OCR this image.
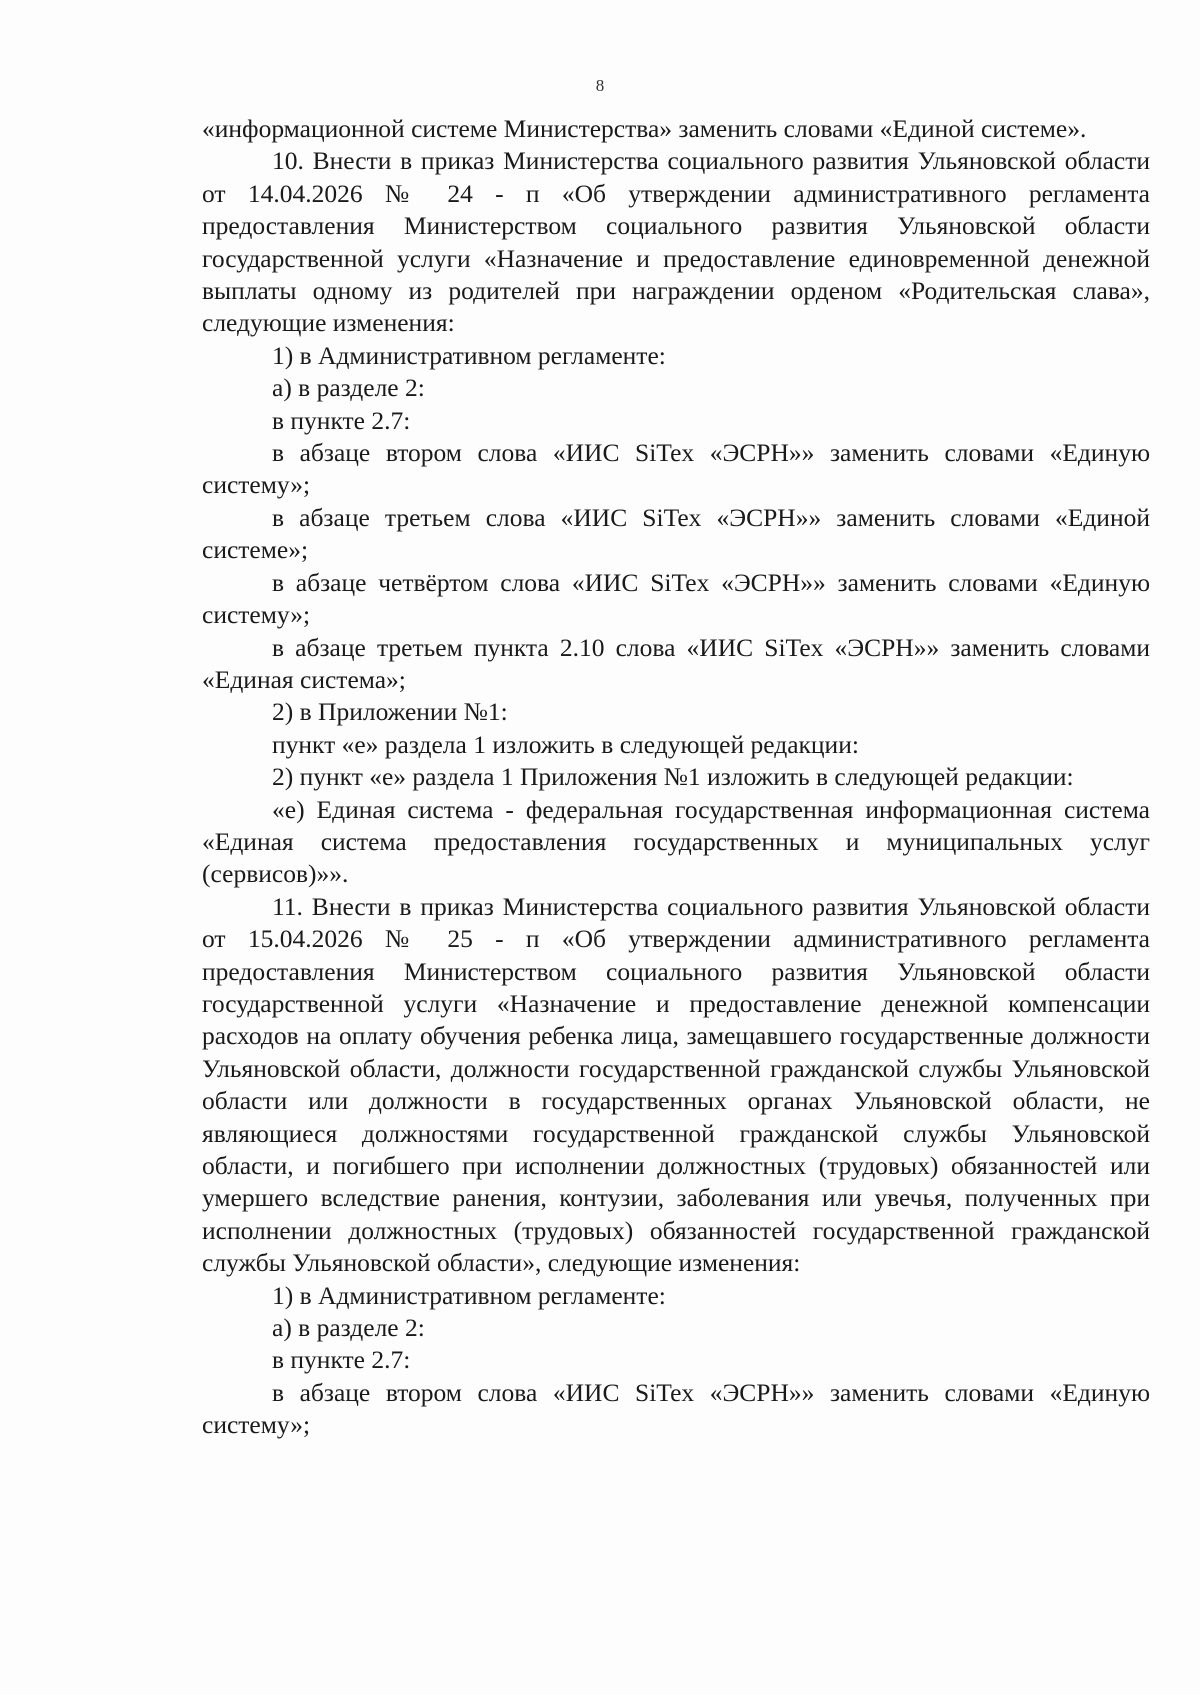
8

«информационной системе Министерства» заменить словами «Единой системе».

10. Внести в приказ Министерства социального развития Ульяновской области от 14.04.2026 № 24 - п «Об утверждении административного регламента предоставления Министерством социального развития Ульяновской области государственной услуги «Назначение и предоставление единовременной денежной выплаты одному из родителей при награждении орденом «Родительская слава», следующие изменения:

1) в Административном регламенте:

а) в разделе 2:

в пункте 2.7:

в абзаце втором слова «ИИС SiTex «ЭСРН»» заменить словами «Единую систему»;

в абзаце третьем слова «ИИС SiTex «ЭСРН»» заменить словами «Единой системе»;

в абзаце четвёртом слова «ИИС SiTex «ЭСРН»» заменить словами «Единую систему»;

в абзаце третьем пункта 2.10 слова «ИИС SiTex «ЭСРН»» заменить словами «Единая система»;

2) в Приложении №1:

пункт «е» раздела 1 изложить в следующей редакции:

2) пункт «е» раздела 1 Приложения №1 изложить в следующей редакции:

«е) Единая система - федеральная государственная информационная система «Единая система предоставления государственных и муниципальных услуг (сервисов)»».

11. Внести в приказ Министерства социального развития Ульяновской области от 15.04.2026 № 25 - п «Об утверждении административного регламента предоставления Министерством социального развития Ульяновской области государственной услуги «Назначение и предоставление денежной компенсации расходов на оплату обучения ребенка лица, замещавшего государственные должности Ульяновской области, должности государственной гражданской службы Ульяновской области или должности в государственных органах Ульяновской области, не являющиеся должностями государственной гражданской службы Ульяновской области, и погибшего при исполнении должностных (трудовых) обязанностей или умершего вследствие ранения, контузии, заболевания или увечья, полученных при исполнении должностных (трудовых) обязанностей государственной гражданской службы Ульяновской области», следующие изменения:

1) в Административном регламенте:

а) в разделе 2:

в пункте 2.7:

в абзаце втором слова «ИИС SiTex «ЭСРН»» заменить словами «Единую систему»;
